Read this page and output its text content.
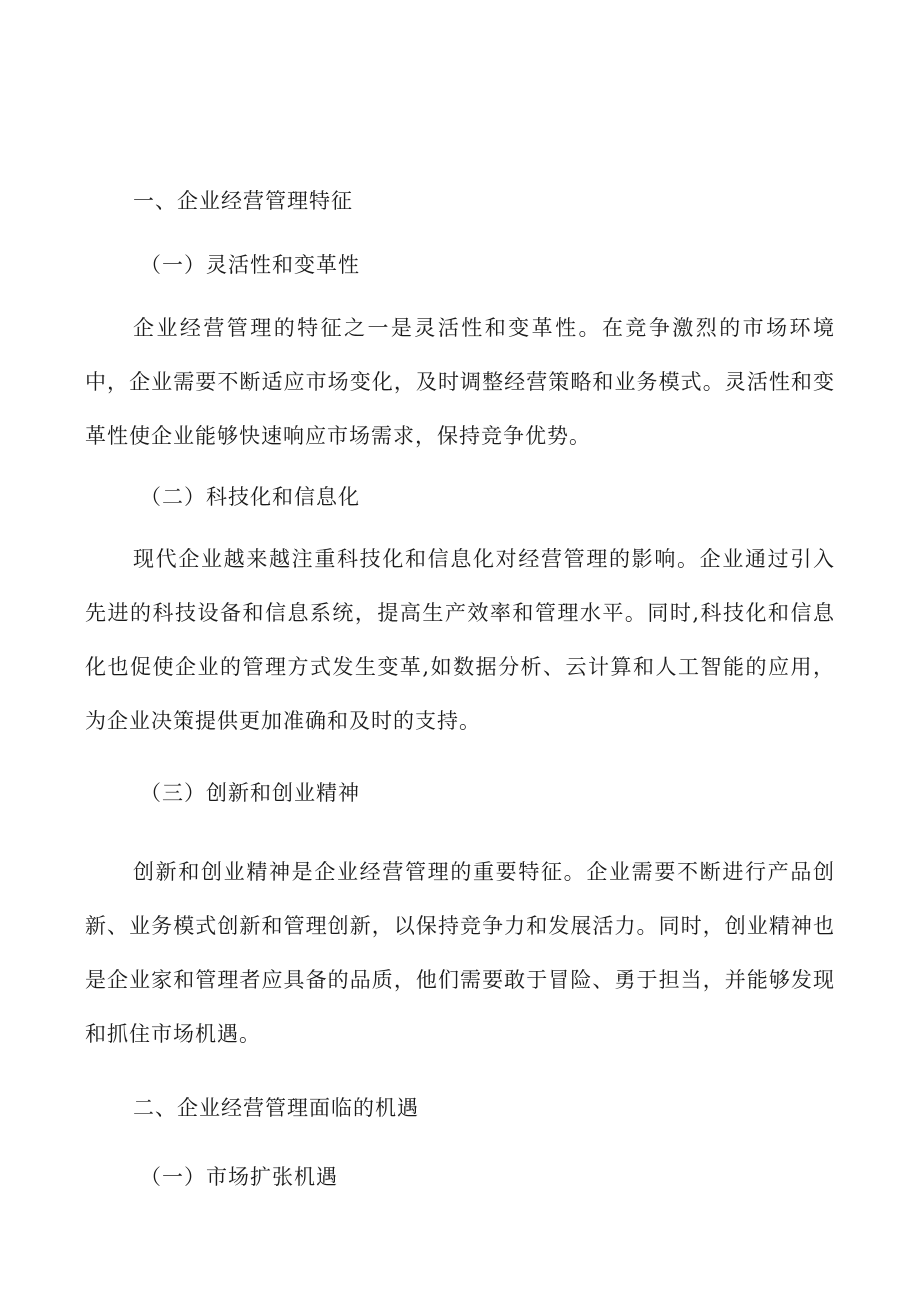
一、企业经营管理特征
（一）灵活性和变革性

企业经营管理的特征之一是灵活性和变革性。在竞争激烈的市场环境中，企业需要不断适应市场变化，及时调整经营策略和业务模式。灵活性和变革性使企业能够快速响应市场需求，保持竞争优势。

（二）科技化和信息化

现代企业越来越注重科技化和信息化对经营管理的影响。企业通过引入先进的科技设备和信息系统，提高生产效率和管理水平。同时,科技化和信息化也促使企业的管理方式发生变革,如数据分析、云计算和人工智能的应用，为企业决策提供更加准确和及时的支持。

（三）创新和创业精神

创新和创业精神是企业经营管理的重要特征。企业需要不断进行产品创新、业务模式创新和管理创新，以保持竞争力和发展活力。同时，创业精神也是企业家和管理者应具备的品质，他们需要敢于冒险、勇于担当，并能够发现和抓住市场机遇。

二、企业经营管理面临的机遇
（一）市场扩张机遇
